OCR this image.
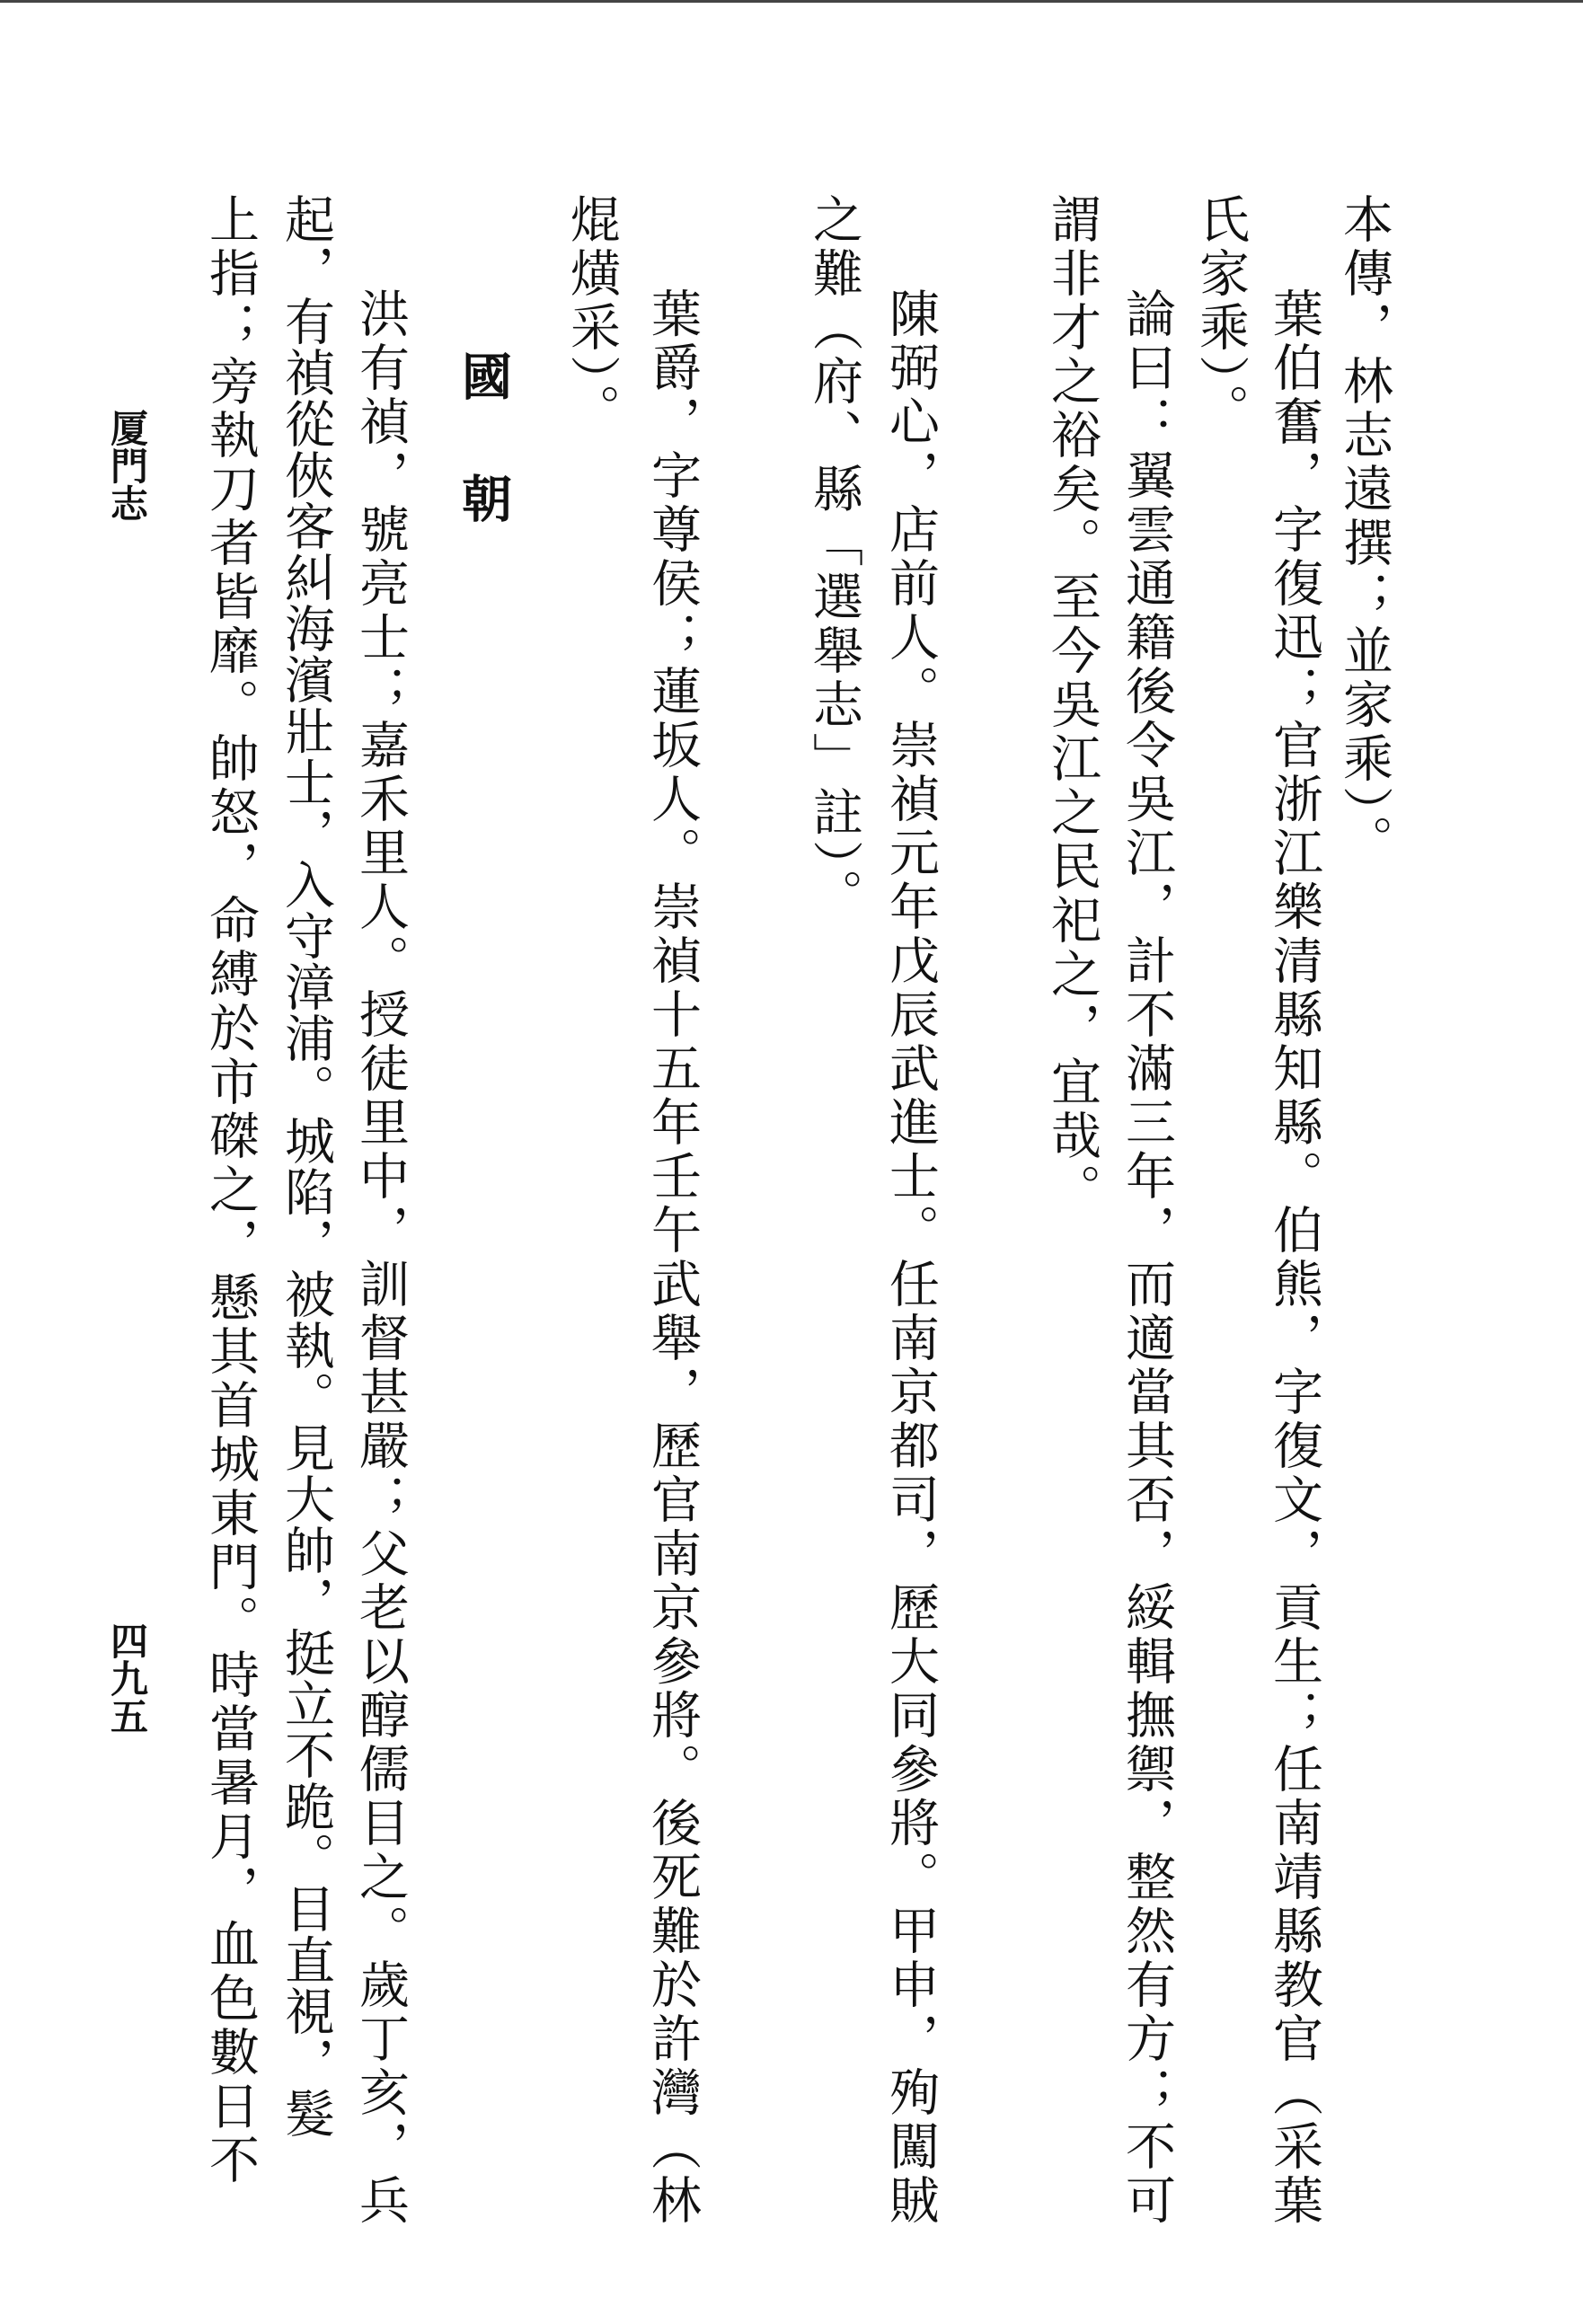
本傳，林志遠撰；並家乘）。
葉伯奮，字復迅；官浙江樂清縣知縣。伯熊，字復文，貢生；任南靖縣教官（采葉
氏家乘）。
論曰：翼雲通籍後令吳江，計不滿三年，而適當其否，綏輯撫禦，整然有方；不可
謂非才之裕矣。至今吳江之民祀之，宜哉。
陳弼心，店前人。崇禎元年戊辰武進士。任南京都司，歷大同參將。甲申，殉闖賊
之難（府、縣「選舉志」註）。
葉爵，字尊侯；蓮坂人。崇禎十五年壬午武舉，歷官南京參將。後死難於許灣（林
焜熿采）。
國朝
洪有禎，號亮士；嘉禾里人。授徒里中，訓督甚嚴；父老以醇儒目之。歲丁亥，兵
起，有禎從俠客糾海濱壯士，入守漳浦。城陷，被執。見大帥，挺立不跪。目直視，髮
上指；旁執刀者皆靡。帥怒，命縛於市磔之，懸其首城東門。時當暑月，血色數日不
厦門志
四九五
